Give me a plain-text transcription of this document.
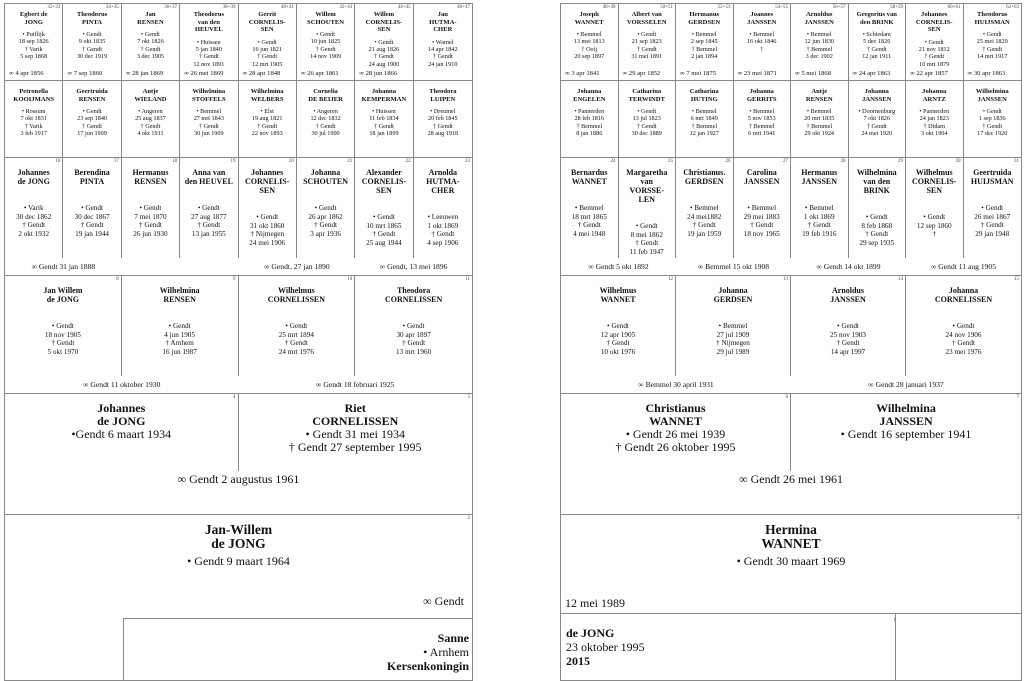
32+33
Egbert de
JONG
• Puiflijk
18 sep 1826
† Varik
5 sep 1868
∞ 4 apr 1856
34+35
Theodorus
PINTA
• Gendt
9 okt 1835
† Gendt
30 dec 1919
∞ 7 sep 1860
36+37
Jan
RENSEN
• Gendt
7 okt 1826
† Gendt
3 dec 1905
∞ 28 jan 1869
38+39
Theodorus
van den
HEUVEL
• Huissen
5 jan 1840
† Gendt
12 nov 1891
∞ 26 mei 1869
40+41
Gerrit
CORNELIS-
SEN
• Gendt
16 jun 1821
† Gendt
12 mrt 1905
∞ 28 apr 1848
42+43
Willem
SCHOUTEN
• Gendt
10 jun 1825
† Gendt
14 nov 1909
∞ 26 apr 1861
44+45
Willem
CORNELIS-
SEN
• Gendt
21 aug 1826
† Gendt
24 aug 1900
∞ 28 jun 1866
46+47
Jan
HUTMA-
CHER
• Warnel
14 apr 1842
† Gendt
24 jan 1910
Petronella
KOOIJMANS
• Rossum
7 okt 1831
† Varik
3 feb 1917
Geertruida
RENSEN
• Gendt
23 sep 1840
† Gendt
17 jun 1909
Antje
WIELAND
• Angeren
25 aug 1837
† Gendt
4 okt 1911
Wilhelmina
STOFFELS
• Bemmel
27 mrt 1843
† Gendt
30 jun 1909
Wilhelmina
WELBERS
• Elst
19 aug 1821
† Gendt
22 nov 1893
Cornelia
DE BEIJER
• Angeren
12 dec 1832
† Gendt
30 jul 1900
Johanna
KEMPERMAN
• Huissen
11 feb 1834
† Gendt
18 jan 1899
Theodora
LUIPEN
• Dreumel
20 feb 1845
† Gendt
28 aug 1918
16
Johannes
de JONG
• Varik
30 dec 1862
† Gendt
2 okt 1932
17
Berendina
PINTA
• Gendt
30 dec 1867
† Gendt
19 jan 1944
18
Hermanus
RENSEN
• Gendt
7 mei 1870
† Gendt
26 jun 1930
19
Anna van
den HEUVEL
• Gendt
27 aug 1877
† Gendt
13 jan 1955
20
Johannes
CORNELIS-
SEN
• Gendt
31 okt 1860
† Nijmegen
24 mei 1906
21
Johanna
SCHOUTEN
• Gendt
26 apr 1862
† Gendt
3 apr 1936
22
Alexander
CORNELIS-
SEN
• Gendt
10 mrt 1865
† Gendt
25 aug 1944
23
Arnolda
HUTMA-
CHER
• Leeuwen
1 okt 1869
† Gendt
4 sep 1906
∞ Gendt 31 jan 1888	∞ Gendt, 27 jan 1890	∞ Gendt, 13 mei 1896
8
Jan Willem
de JONG
• Gendt
18 nov 1905
† Gendt
5 okt 1970
9
Wilhelmina
RENSEN
• Gendt
4 jun 1905
† Arnhem
16 jun 1987
10
Wilhelmus
CORNELISSEN
• Gendt
25 mrt 1894
† Gendt
24 mrt 1976
11
Theodora
CORNELISSEN
• Gendt
30 apr 1897
† Gendt
13 mrt 1960
∞ Gendt 11 oktober 1930	∞ Gendt 18 februari 1925
4
Johannes
de JONG
•Gendt 6 maart 1934
5
Riet
CORNELISSEN
• Gendt 31 mei 1934
† Gendt 27 september 1995
∞ Gendt 2 augustus 1961
2
Jan-Willem
de JONG
• Gendt 9 maart 1964
∞ Gendt
Sanne
• Arnhem
Kersenkoningin
48+49
Joseph
WANNET
• Bemmel
13 mei 1813
† Ooij
20 sep 1897
∞ 3 apr 1841
50+51
Albert van
VORSSELEN
• Gendt
21 sep 1823
† Gendt
31 mei 1891
∞ 29 apr 1852
52+53
Hermanus
GERDSEN
• Bemmel
2 sep 1845
† Bemmel
2 jan 1894
∞ 7 mei 1875
54+55
Joannes
JANSSEN
• Bemmel
16 okt 1846
†
∞ 23 mei 1871
56+57
Arnoldus
JANSSEN
• Bemmel
12 jun 1830
† Bemmel
3 dec 1902
∞ 5 mei 1868
58+59
Gregorius van
den BRINK
• Schiedam
5 dec 1826
† Gendt
12 jan 1911
∞ 24 apr 1863
60+61
Johannes
CORNELIS-
SEN
• Gendt
21 nov 1812
† Gendt
10 mrt 1879
∞ 22 apr 1857
62+63
Theodorus
HUIJSMAN
• Gendt
25 mei 1829
† Gendt
14 mrt 1917
∞ 30 apr 1863
Johanna
ENGELEN
• Pannerden
28 feb 1816
† Bemmel
8 jan 1886
Catharina
TERWINDT
• Gendt
13 jul 1823
† Gendt
30 dec 1889
Catharina
HUTING
• Bemmel
6 mrt 1849
† Bemmel
12 jan 1927
Johanna
GERRITS
• Bemmel
5 nov 1853
† Bemmel
6 mrt 1941
Antje
RENSEN
• Bemmel
20 mrt 1835
† Bemmel
29 okt 1924
Johanna
JANSSEN
• Doornenburg
7 okt 1826
† Gendt
24 mei 1920
Johanna
ARNTZ
• Pannerden
24 jan 1823
† Didam
3 okt 1904
Wilhelmina
JANSSEN
• Gendt
1 sep 1836
† Gendt
17 dec 1920
24
Bernardus
WANNET
• Bemmel
18 mrt 1865
† Gendt
4 mei 1948
25
Margaretha
van
VORSSE-
LEN
• Gendt
8 mei 1862
† Gendt
11 feb 1947
26
Christianus.
GERDSEN
• Bemmel
24 mei1882
† Gendt
19 jan 1959
27
Carolina
JANSSEN
• Bemmel
29 mei 1883
† Gendt
18 nov 1965
28
Hermanus
JANSSEN
• Bemmel
1 okt 1869
† Gendt
19 feb 1916
29
Wilhelmina
van den
BRINK
• Gendt
8 feb 1868
† Gendt
29 sep 1935
30
Wilhelmus
CORNELIS-
SEN
• Gendt
12 sep 1860
†
31
Geertruida
HUIJSMAN
• Gendt
26 mei 1867
† Gendt
29 jan 1948
∞ Gendt 5 okt 1892	∞ Bemmel 15 okt 1908	∞ Gendt 14 okt 1899	∞ Gendt 11 aug 1905
12
Wilhelmus
WANNET
• Gendt
12 apr 1905
† Gendt
10 okt 1976
13
Johanna
GERDSEN
• Bemmel
27 jul 1909
† Nijmegen
29 jul 1989
14
Arnoldus
JANSSEN
• Gendt
25 nov 1903
† Gendt
14 apr 1997
15
Johanna
CORNELISSEN
• Gendt
24 nov 1906
† Gendt
23 mei 1976
∞ Bemmel 30 april 1931	∞ Gendt 28 januari 1937
6
Christianus
WANNET
• Gendt 26 mei 1939
† Gendt 26 oktober 1995
7
Wilhelmina
JANSSEN
• Gendt 16 september 1941
∞ Gendt 26 mei 1961
3
Hermina
WANNET
• Gendt 30 maart 1969
12 mei 1989
de JONG
23 oktober 1995
2015
